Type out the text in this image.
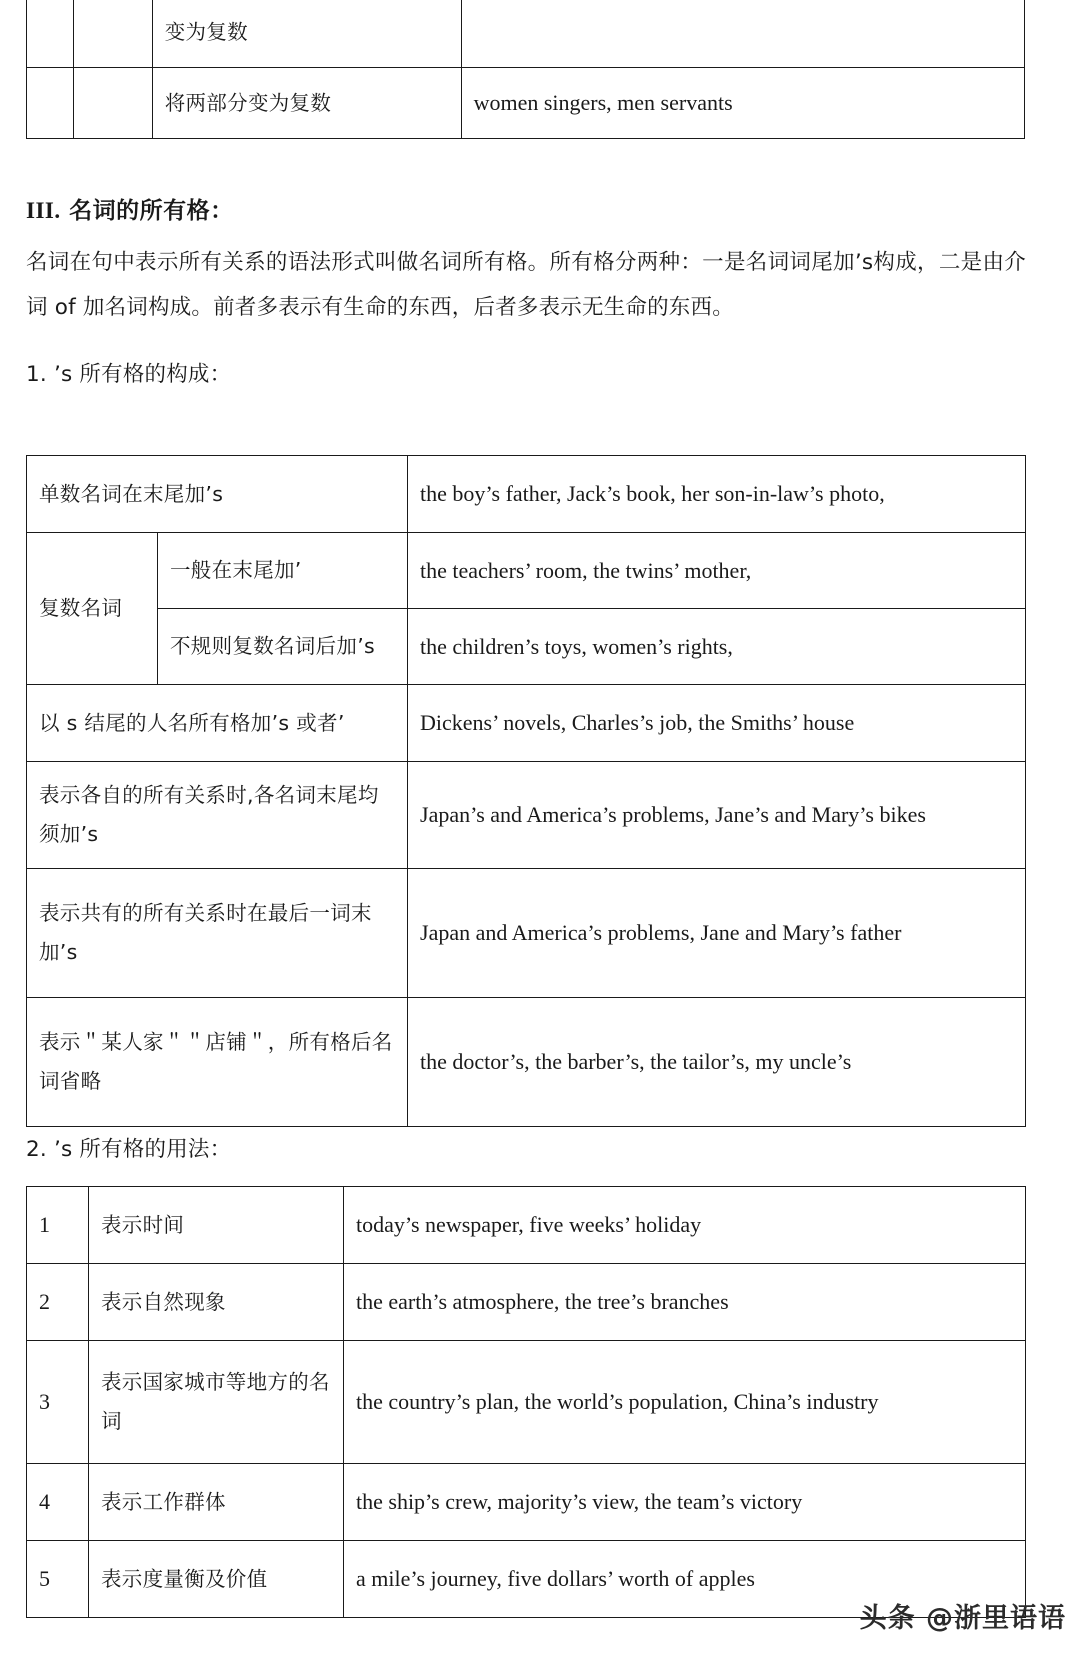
		变为复数	
		将两部分变为复数	women singers, men servants
III. 名词的所有格：
名词在句中表示所有关系的语法形式叫做名词所有格。所有格分两种：一是名词词尾加’s构成，二是由介词 of 加名词构成。前者多表示有生命的东西，后者多表示无生命的东西。
1. ’s 所有格的构成：
单数名词在末尾加’s		the boy’s father, Jack’s book, her son-in-law’s photo,
复数名词	一般在末尾加’	the teachers’ room, the twins’ mother,
	不规则复数名词后加’s	the children’s toys, women’s rights,
以 s 结尾的人名所有格加’s 或者’		Dickens’ novels, Charles’s job, the Smiths’ house
表示各自的所有关系时,各名词末尾均须加’s		Japan’s and America’s problems, Jane’s and Mary’s bikes
表示共有的所有关系时在最后一词末加’s		Japan and America’s problems, Jane and Mary’s father
表示＂某人家＂＂店铺＂，所有格后名词省略		the doctor’s, the barber’s, the tailor’s, my uncle’s
2. ’s 所有格的用法：
1	表示时间	today’s newspaper, five weeks’ holiday
2	表示自然现象	the earth’s atmosphere, the tree’s branches
3	表示国家城市等地方的名词	the country’s plan, the world’s population, China’s industry
4	表示工作群体	the ship’s crew, majority’s view, the team’s victory
5	表示度量衡及价值	a mile’s journey, five dollars’ worth of apples
头条 @浙里语语
